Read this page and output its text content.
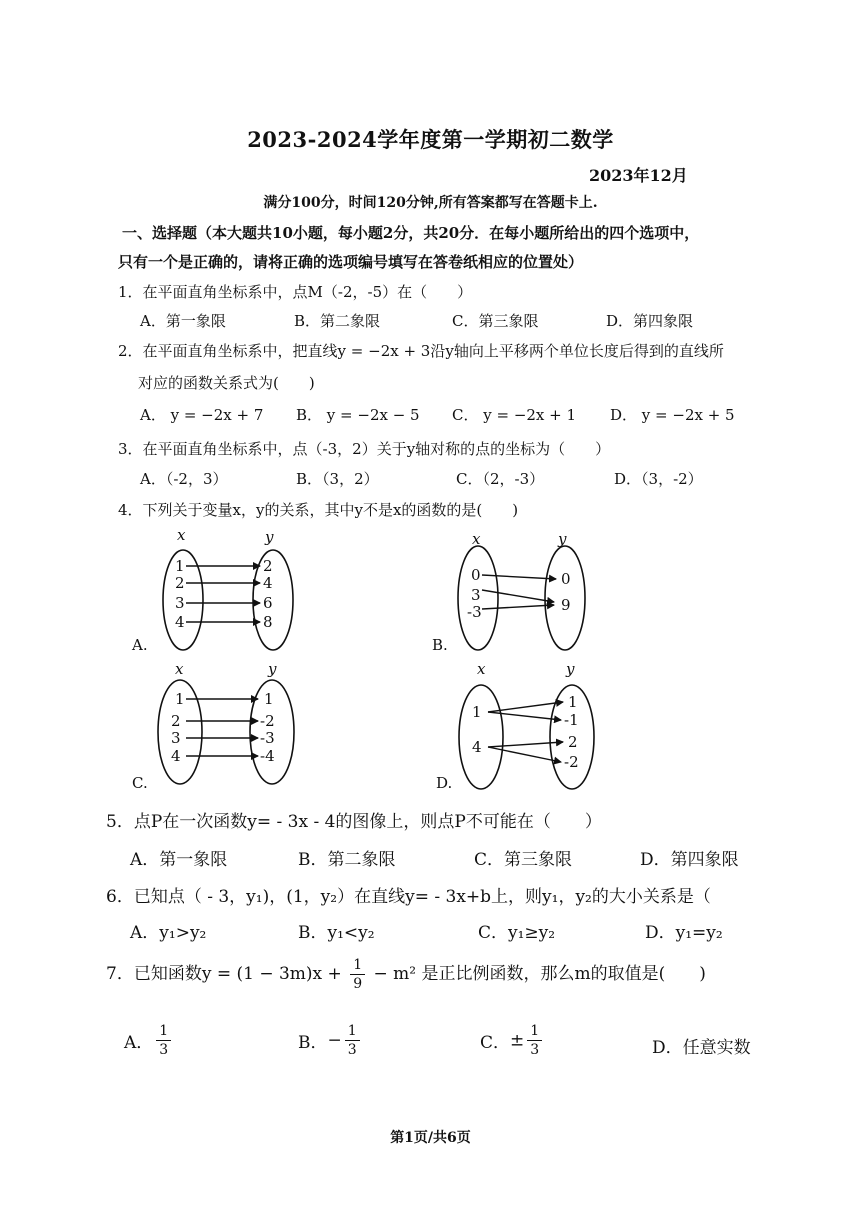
2023-2024学年度第一学期初二数学
2023年12月
满分100分，时间120分钟,所有答案都写在答题卡上.
一、选择题（本大题共10小题，每小题2分，共20分．在每小题所给出的四个选项中，
只有一个是正确的，请将正确的选项编号填写在答卷纸相应的位置处）
1．在平面直角坐标系中，点M（-2，-5）在（　　）
A．第一象限	B．第二象限	C．第三象限	D．第四象限
2．在平面直角坐标系中，把直线y = −2x + 3沿y轴向上平移两个单位长度后得到的直线所
对应的函数关系式为(　　)
A． y = −2x + 7 B． y = −2x − 5 C． y = −2x + 1 D． y = −2x + 5
3．在平面直角坐标系中，点（-3，2）关于y轴对称的点的坐标为（　　）
A．（-2，3）	B．（3，2）	C．（2，-3）	D．（3，-2）
4．下列关于变量x，y的关系，其中y不是x的函数的是(　　)
x	y	x	y
x	y	x	y
1
2
3
4
2
4
6
8
0
3
-3
0
9
1
2
3
4
1
-2
-3
-4
1
4
1
-1
2
-2
A.	B.
C.	D.
5．点P在一次函数y= - 3x - 4的图像上，则点P不可能在（　　）
A．第一象限	B．第二象限	C．第三象限	D．第四象限
6．已知点（ - 3，y₁)，(1，y₂）在直线y= - 3x+b上，则y₁，y₂的大小关系是（
A．y₁>y₂	B．y₁<y₂	C．y₁≥y₂	D．y₁=y₂
7．已知函数$y = (1 - 3m)x + \frac{1}{9} - m^2$ 是正比例函数，那么m的取值是(　　)
A． $\frac{1}{3}$	B．− $\frac{1}{3}$	C．± $\frac{1}{3}$	D．任意实数
第1页/共6页
